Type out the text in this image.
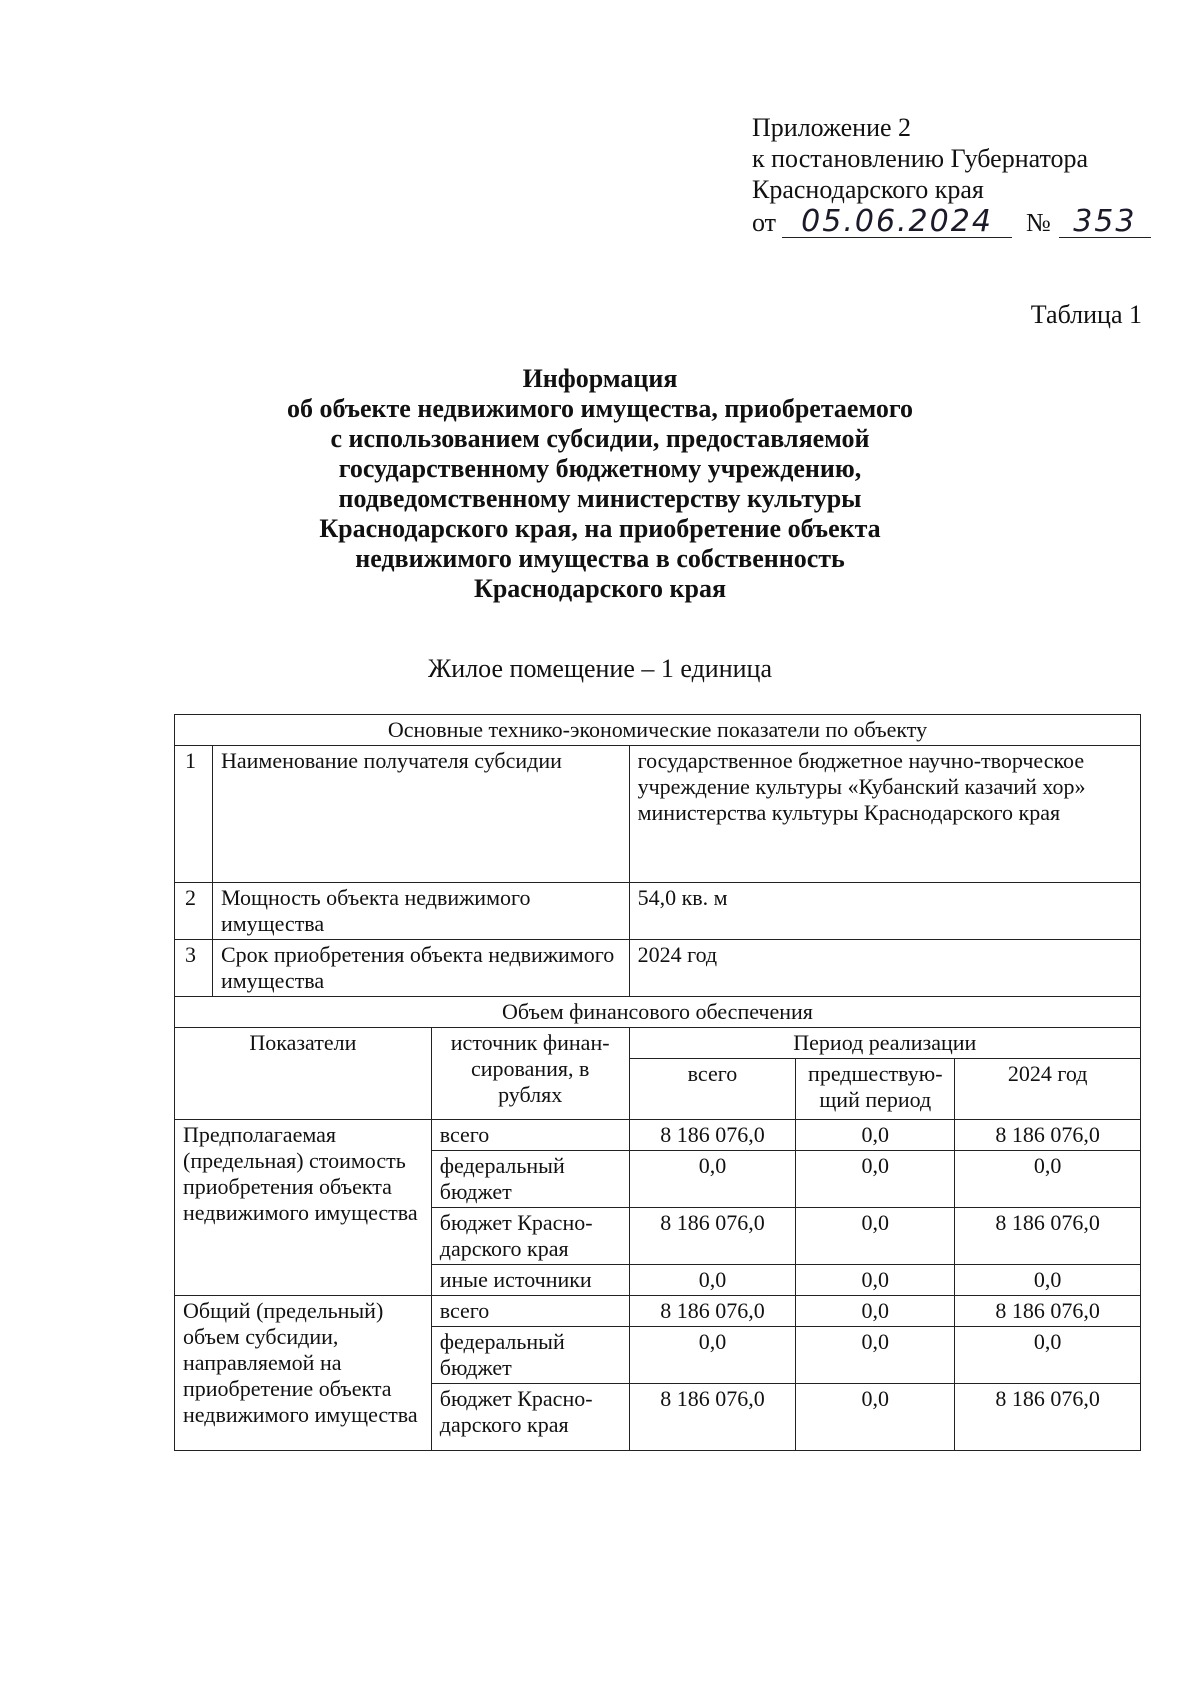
Приложение 2
к постановлению Губернатора
Краснодарского края
от 05.06.2024	№ 353
Таблица 1
Информация
об объекте недвижимого имущества, приобретаемого
с использованием субсидии, предоставляемой
государственному бюджетному учреждению,
подведомственному министерству культуры
Краснодарского края, на приобретение объекта
недвижимого имущества в собственность
Краснодарского края
Жилое помещение – 1 единица
Основные технико-экономические показатели по объекту					
1	Наименование получателя субсидии		государственное бюджетное научно-творческое учреждение культуры «Кубанский казачий хор» министерства культуры Краснодарского края		
2	Мощность объекта недвижимого имущества		54,0 кв. м		
3	Срок приобретения объекта недвижимого имущества		2024 год		
Объем финансового обеспечения					
Показатели		источник финан-сирования, в рублях	Период реализации		
			всего	предшествую-щий период	2024 год
Предполагаемая (предельная) стоимость приобретения объекта недвижимого имущества		всего	8 186 076,0	0,0	8 186 076,0
		федеральный бюджет	0,0	0,0	0,0
		бюджет Красно-дарского края	8 186 076,0	0,0	8 186 076,0
		иные источники	0,0	0,0	0,0
Общий (предельный) объем субсидии, направляемой на приобретение объекта недвижимого имущества		всего	8 186 076,0	0,0	8 186 076,0
		федеральный бюджет	0,0	0,0	0,0
		бюджет Красно-дарского края	8 186 076,0	0,0	8 186 076,0
